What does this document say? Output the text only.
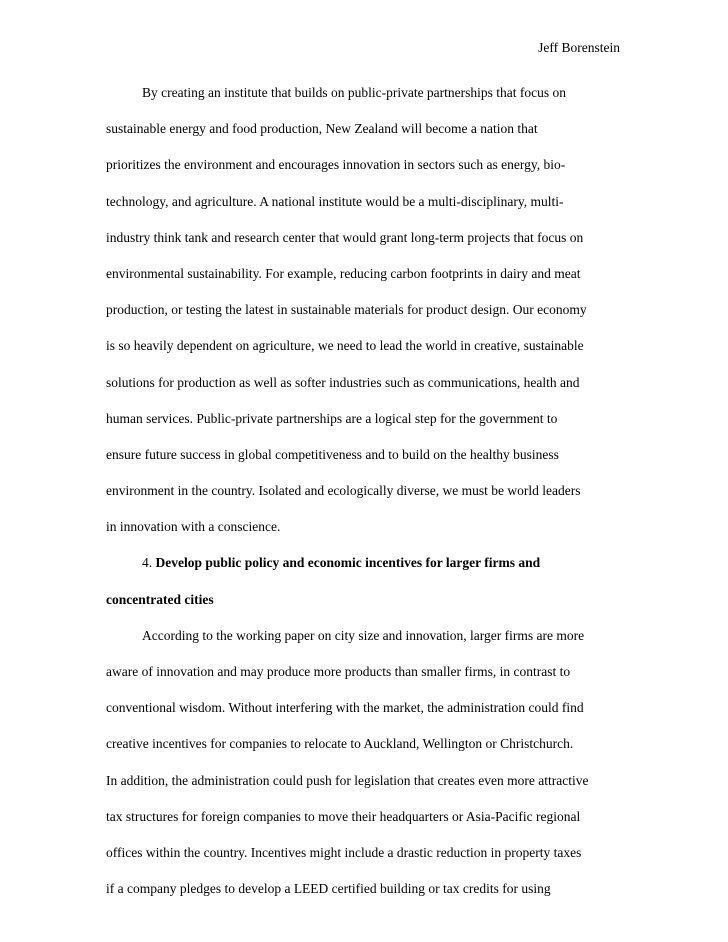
Jeff Borenstein
By creating an institute that builds on public-private partnerships that focus on
sustainable energy and food production, New Zealand will become a nation that
prioritizes the environment and encourages innovation in sectors such as energy, bio-
technology, and agriculture. A national institute would be a multi-disciplinary, multi-
industry think tank and research center that would grant long-term projects that focus on
environmental sustainability. For example, reducing carbon footprints in dairy and meat
production, or testing the latest in sustainable materials for product design. Our economy
is so heavily dependent on agriculture, we need to lead the world in creative, sustainable
solutions for production as well as softer industries such as communications, health and
human services. Public-private partnerships are a logical step for the government to
ensure future success in global competitiveness and to build on the healthy business
environment in the country. Isolated and ecologically diverse, we must be world leaders
in innovation with a conscience.
4. Develop public policy and economic incentives for larger firms and
concentrated cities
According to the working paper on city size and innovation, larger firms are more
aware of innovation and may produce more products than smaller firms, in contrast to
conventional wisdom. Without interfering with the market, the administration could find
creative incentives for companies to relocate to Auckland, Wellington or Christchurch.
In addition, the administration could push for legislation that creates even more attractive
tax structures for foreign companies to move their headquarters or Asia-Pacific regional
offices within the country. Incentives might include a drastic reduction in property taxes
if a company pledges to develop a LEED certified building or tax credits for using
